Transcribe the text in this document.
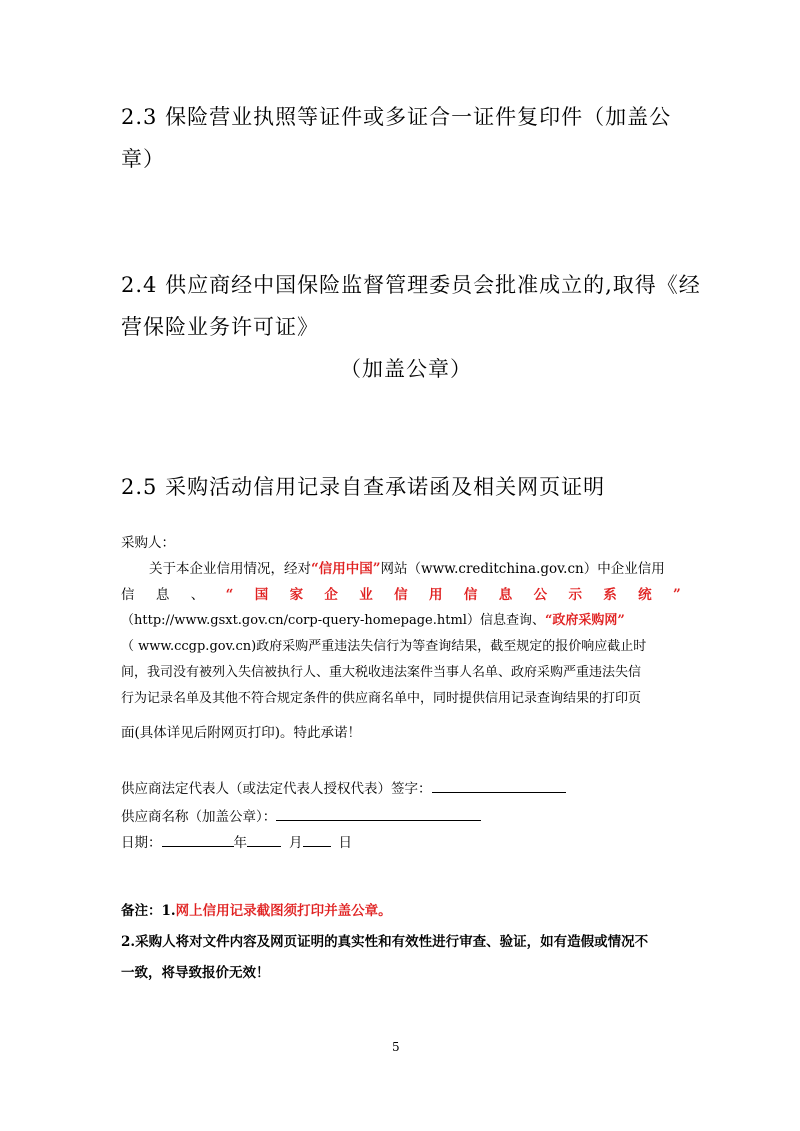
2.3 保险营业执照等证件或多证合一证件复印件（加盖公
章）
2.4 供应商经中国保险监督管理委员会批准成立的,取得《经
营保险业务许可证》
（加盖公章）
2.5 采购活动信用记录自查承诺函及相关网页证明
采购人：
关于本企业信用情况，经对“信用中国”网站（www.creditchina.gov.cn）中企业信用
信 息 、 “ 国 家 企 业 信 用 信 息 公 示 系 统 ”
（http://www.gsxt.gov.cn/corp-query-homepage.html）信息查询、“政府采购网”
（ www.ccgp.gov.cn)政府采购严重违法失信行为等查询结果，截至规定的报价响应截止时
间，我司没有被列入失信被执行人、重大税收违法案件当事人名单、政府采购严重违法失信
行为记录名单及其他不符合规定条件的供应商名单中，同时提供信用记录查询结果的打印页
面(具体详见后附网页打印)。特此承诺！
供应商法定代表人（或法定代表人授权代表）签字：
供应商名称（加盖公章）：
日期：	年	月	日
备注：1.网上信用记录截图须打印并盖公章。
2.采购人将对文件内容及网页证明的真实性和有效性进行审查、验证，如有造假或情况不
一致，将导致报价无效！
5
